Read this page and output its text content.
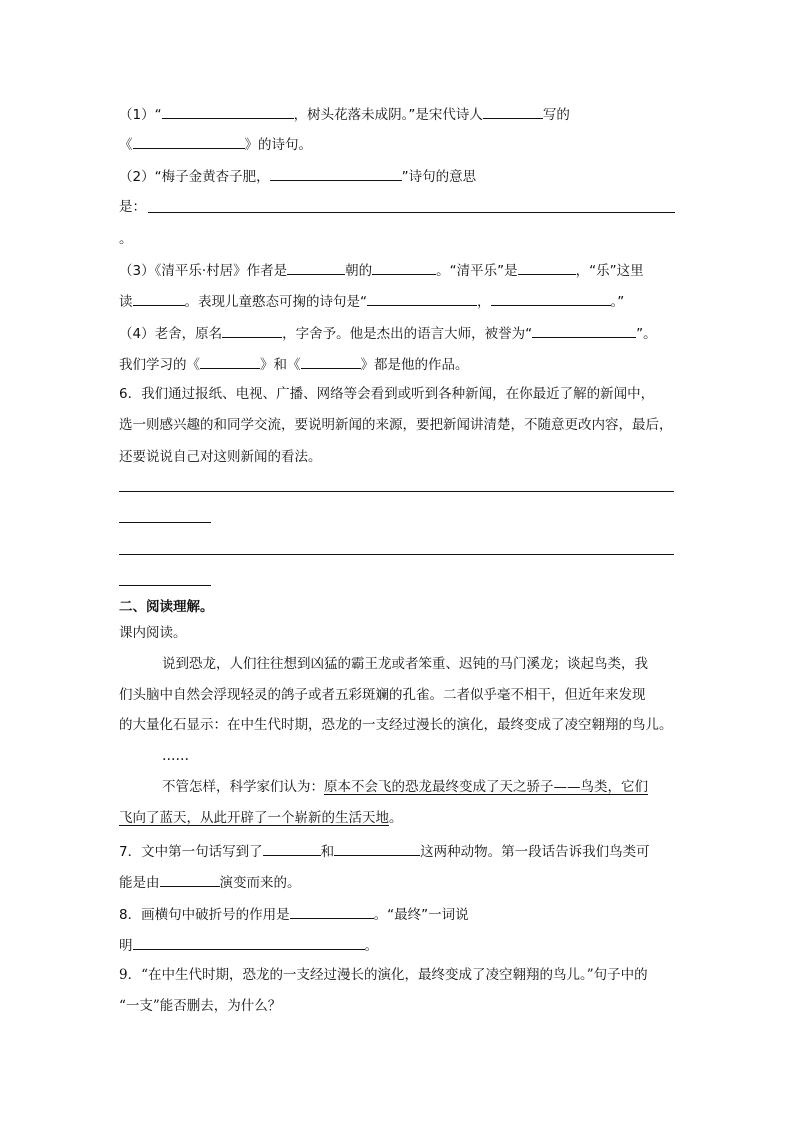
（1）“	，树头花落未成阴。”是宋代诗人	写的
《	》的诗句。
（2）“梅子金黄杏子肥，	”诗句的意思
是：
。
（3）《清平乐·村居》作者是	朝的	。“清平乐”是	，“乐”这里
读	。表现儿童憨态可掬的诗句是“	，	。”
（4）老舍，原名	，字舍予。他是杰出的语言大师，被誉为“	”。
我们学习的《	》和《	》都是他的作品。
6．我们通过报纸、电视、广播、网络等会看到或听到各种新闻，在你最近了解的新闻中，
选一则感兴趣的和同学交流，要说明新闻的来源，要把新闻讲清楚，不随意更改内容，最后，
还要说说自己对这则新闻的看法。
二、阅读理解。
课内阅读。
说到恐龙，人们往往想到凶猛的霸王龙或者笨重、迟钝的马门溪龙；谈起鸟类，我
们头脑中自然会浮现轻灵的鸽子或者五彩斑斓的孔雀。二者似乎毫不相干，但近年来发现
的大量化石显示：在中生代时期，恐龙的一支经过漫长的演化，最终变成了凌空翱翔的鸟儿。
……
不管怎样，科学家们认为：原本不会飞的恐龙最终变成了天之骄子——鸟类，它们
飞向了蓝天，从此开辟了一个崭新的生活天地。
7．文中第一句话写到了	和	这两种动物。第一段话告诉我们鸟类可
能是由	演变而来的。
8．画横句中破折号的作用是	。“最终”一词说
明	。
9．“在中生代时期，恐龙的一支经过漫长的演化，最终变成了凌空翱翔的鸟儿。”句子中的
“一支”能否删去，为什么？
